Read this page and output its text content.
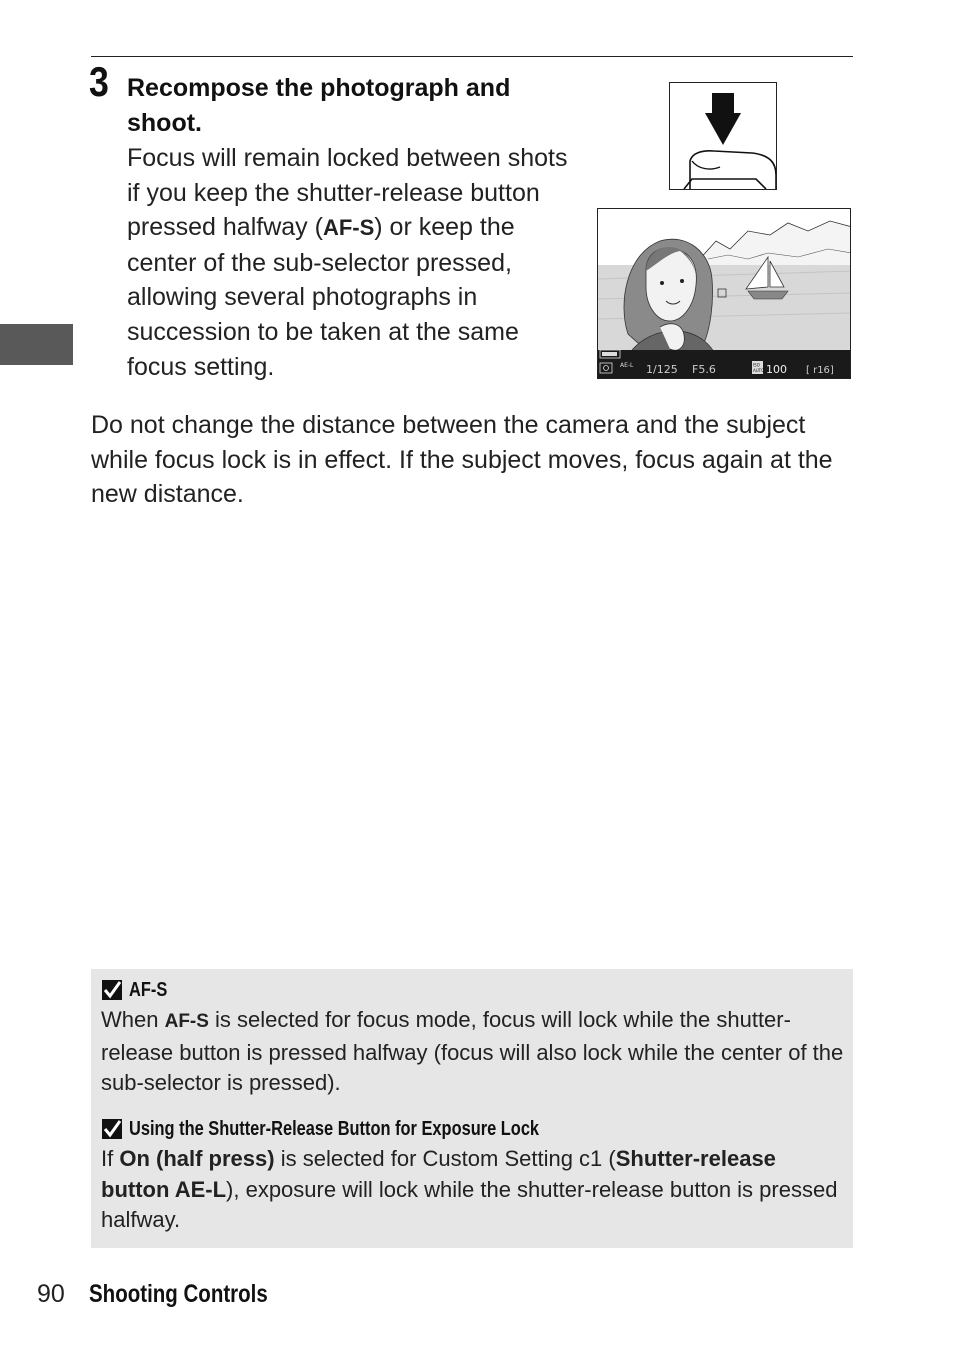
3 Recompose the photograph and shoot.

Focus will remain locked between shots if you keep the shutter-release button pressed halfway (AF-S) or keep the center of the sub-selector pressed, allowing several photographs in succession to be taken at the same focus setting.	AE-L 1/125 F5.6	ISO
AUTO 100 [ r16]

Do not change the distance between the camera and the subject while focus lock is in effect. If the subject moves, focus again at the new distance.

AF-S

When AF-S is selected for focus mode, focus will lock while the shutter-release button is pressed halfway (focus will also lock while the center of the sub-selector is pressed).

Using the Shutter-Release Button for Exposure Lock

If On (half press) is selected for Custom Setting c1 (Shutter-release button AE-L), exposure will lock while the shutter-release button is pressed halfway.

90 Shooting Controls
